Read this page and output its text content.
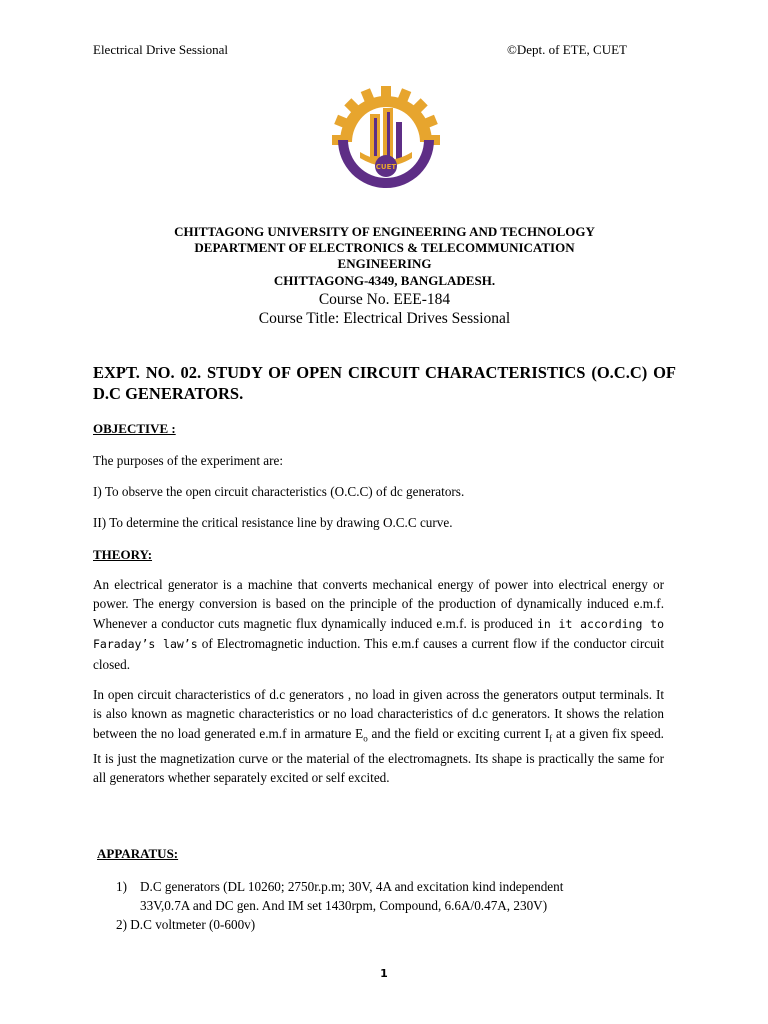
Electrical Drive Sessional	©Dept. of ETE, CUET
CUET
CHITTAGONG UNIVERSITY OF ENGINEERING AND TECHNOLOGY
DEPARTMENT OF ELECTRONICS & TELECOMMUNICATION
ENGINEERING
CHITTAGONG-4349, BANGLADESH.
Course No. EEE-184
Course Title: Electrical Drives Sessional
EXPT. NO. 02. STUDY OF OPEN CIRCUIT CHARACTERISTICS (O.C.C) OF D.C GENERATORS.
OBJECTIVE :
The purposes of the experiment are:
I) To observe the open circuit characteristics (O.C.C) of dc generators.
II) To determine the critical resistance line by drawing O.C.C curve.
THEORY:
An electrical generator is a machine that converts mechanical energy of power into electrical energy or power. The energy conversion is based on the principle of the production of dynamically induced e.m.f. Whenever a conductor cuts magnetic flux dynamically induced e.m.f. is produced in it according to Faraday’s law’s of Electromagnetic induction. This e.m.f causes a current flow if the conductor circuit closed.
In open circuit characteristics of d.c generators , no load in given across the generators output terminals. It is also known as magnetic characteristics or no load characteristics of d.c generators. It shows the relation between the no load generated e.m.f in armature $E_o$ and the field or exciting current $I_f$ at a given fix speed. It is just the magnetization curve or the material of the electromagnets. Its shape is practically the same for all generators whether separately excited or self excited.
APPARATUS:
1) D.C generators (DL 10260; 2750r.p.m; 30V, 4A and excitation kind independent
33V,0.7A and DC gen. And IM set 1430rpm, Compound, 6.6A/0.47A, 230V)
2) D.C voltmeter (0-600v)
1
